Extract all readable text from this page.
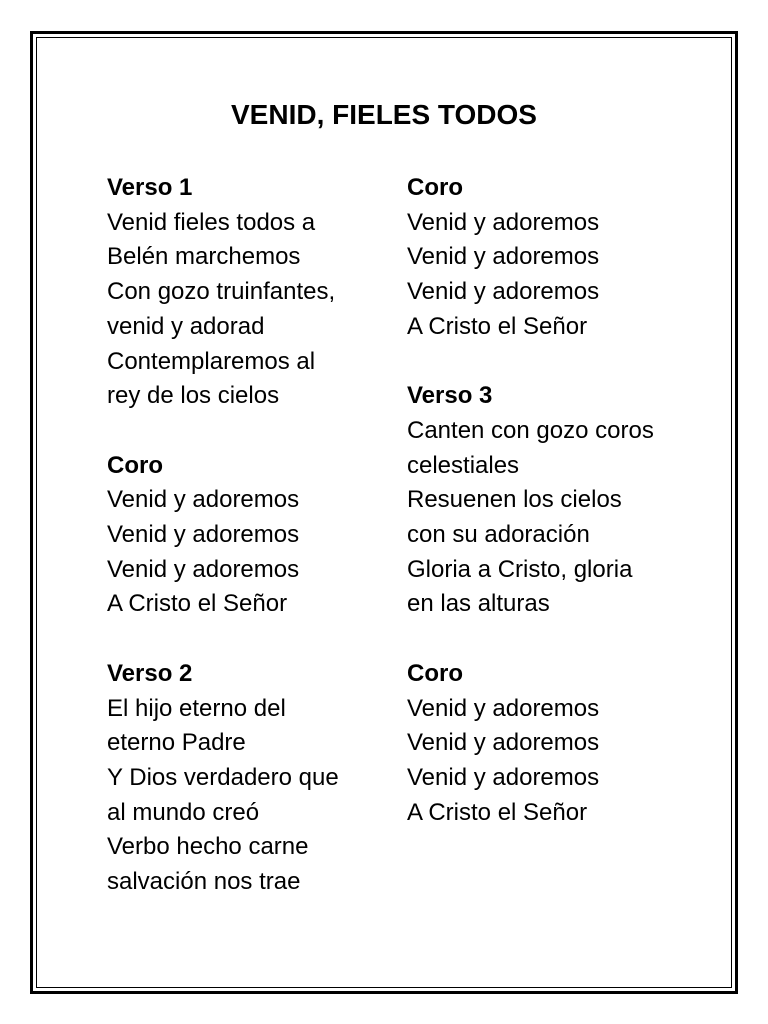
VENID, FIELES TODOS
Verso 1
Venid fieles todos a
Belén marchemos
Con gozo truinfantes,
venid y adorad
Contemplaremos al
rey de los cielos
Coro
Venid y adoremos
Venid y adoremos
Venid y adoremos
A Cristo el Señor
Verso 2
El hijo eterno del
eterno Padre
Y Dios verdadero que
al mundo creó
Verbo hecho carne
salvación nos trae
Coro
Venid y adoremos
Venid y adoremos
Venid y adoremos
A Cristo el Señor
Verso 3
Canten con gozo coros
celestiales
Resuenen los cielos
con su adoración
Gloria a Cristo, gloria
en las alturas
Coro
Venid y adoremos
Venid y adoremos
Venid y adoremos
A Cristo el Señor
